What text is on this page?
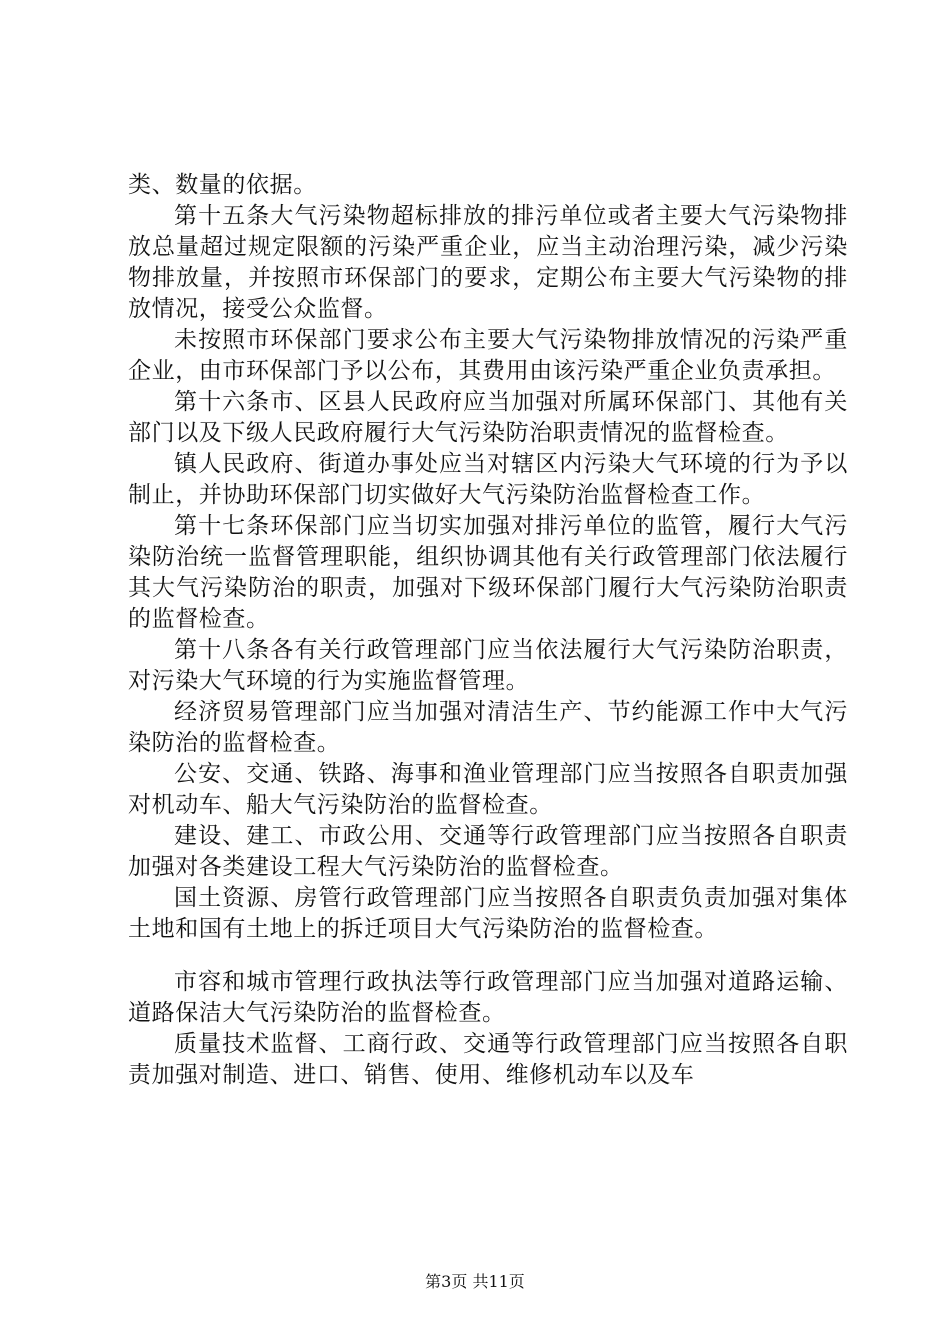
类、数量的依据。

第十五条大气污染物超标排放的排污单位或者主要大气污染物排放总量超过规定限额的污染严重企业，应当主动治理污染，减少污染物排放量，并按照市环保部门的要求，定期公布主要大气污染物的排放情况，接受公众监督。

未按照市环保部门要求公布主要大气污染物排放情况的污染严重企业，由市环保部门予以公布，其费用由该污染严重企业负责承担。

第十六条市、区县人民政府应当加强对所属环保部门、其他有关部门以及下级人民政府履行大气污染防治职责情况的监督检查。

镇人民政府、街道办事处应当对辖区内污染大气环境的行为予以制止，并协助环保部门切实做好大气污染防治监督检查工作。

第十七条环保部门应当切实加强对排污单位的监管，履行大气污染防治统一监督管理职能，组织协调其他有关行政管理部门依法履行其大气污染防治的职责，加强对下级环保部门履行大气污染防治职责的监督检查。

第十八条各有关行政管理部门应当依法履行大气污染防治职责，对污染大气环境的行为实施监督管理。

经济贸易管理部门应当加强对清洁生产、节约能源工作中大气污染防治的监督检查。

公安、交通、铁路、海事和渔业管理部门应当按照各自职责加强对机动车、船大气污染防治的监督检查。

建设、建工、市政公用、交通等行政管理部门应当按照各自职责加强对各类建设工程大气污染防治的监督检查。

国土资源、房管行政管理部门应当按照各自职责负责加强对集体土地和国有土地上的拆迁项目大气污染防治的监督检查。

市容和城市管理行政执法等行政管理部门应当加强对道路运输、道路保洁大气污染防治的监督检查。

质量技术监督、工商行政、交通等行政管理部门应当按照各自职责加强对制造、进口、销售、使用、维修机动车以及车

第3页 共11页
